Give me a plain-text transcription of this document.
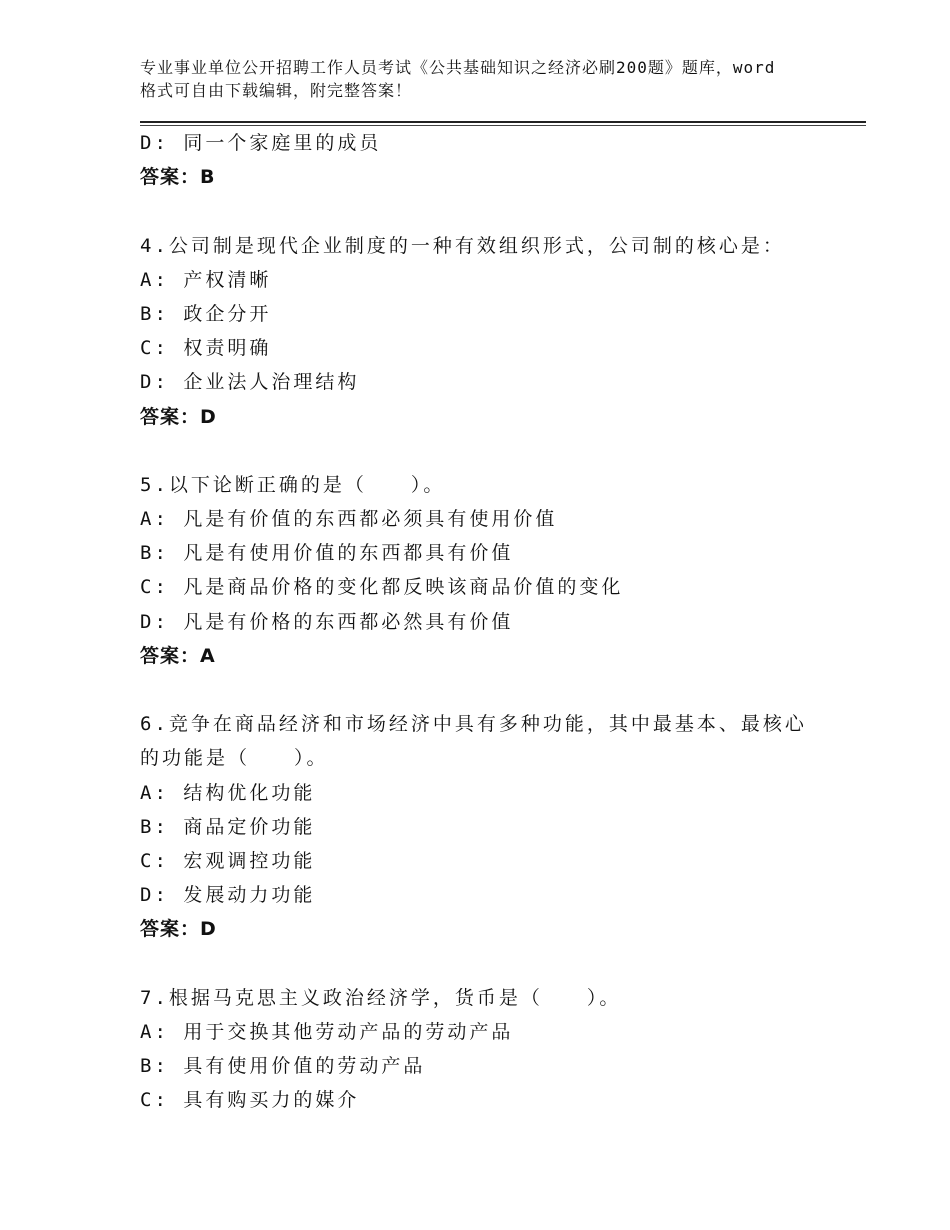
专业事业单位公开招聘工作人员考试《公共基础知识之经济必刷200题》题库，word格式可自由下载编辑，附完整答案！
D: 同一个家庭里的成员
答案：B
4.公司制是现代企业制度的一种有效组织形式，公司制的核心是：
A: 产权清晰
B: 政企分开
C: 权责明确
D: 企业法人治理结构
答案：D
5.以下论断正确的是（　　）。
A: 凡是有价值的东西都必须具有使用价值
B: 凡是有使用价值的东西都具有价值
C: 凡是商品价格的变化都反映该商品价值的变化
D: 凡是有价格的东西都必然具有价值
答案：A
6.竞争在商品经济和市场经济中具有多种功能，其中最基本、最核心
的功能是（　　）。
A: 结构优化功能
B: 商品定价功能
C: 宏观调控功能
D: 发展动力功能
答案：D
7.根据马克思主义政治经济学，货币是（　　）。
A: 用于交换其他劳动产品的劳动产品
B: 具有使用价值的劳动产品
C: 具有购买力的媒介
